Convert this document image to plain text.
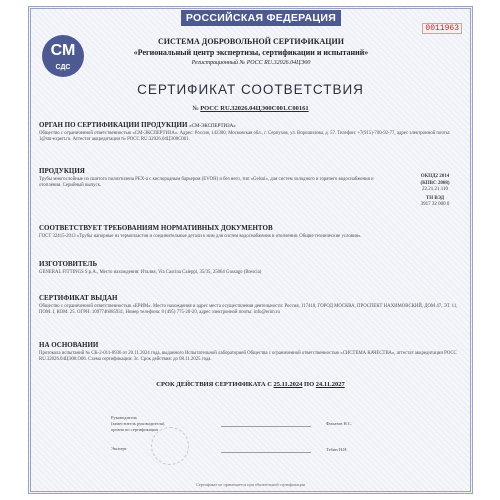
РОССИЙСКАЯ ФЕДЕРАЦИЯ
0011963
СМ
СДС
СИСТЕМА ДОБРОВОЛЬНОЙ СЕРТИФИКАЦИИ
«Региональный центр экспертизы, сертификации и испытаний»
Регистрационный № РОСС RU.32026.04ЦЭ00
СЕРТИФИКАТ СООТВЕТСТВИЯ
№ РОСС RU.32026.04ЦЭ00С001.C00161
ОРГАН ПО СЕРТИФИКАЦИИ ПРОДУКЦИИ «СМ-ЭКСПЕРТИЗА»
Общество с ограниченной ответственностью «СМ-ЭКСПЕРТИЗА». Адрес: Россия, 142300, Московская обл., г. Серпухов, ул. Ворошилова, д. 57. Телефон: +7(915)-700-92-77, адрес электронной почты: 1@sm-expert.ru. Аттестат аккредитации № РОСС RU.32026.04ЦЭ00С001.
ПРОДУКЦИЯ
Трубы многослойные из сшитого полиэтилена PEX-а с кислородным барьером (EVOH) и без него, тип «Gelsol», для систем холодного и горячего водоснабжения и отопления. Серийный выпуск.
ОКПД2 2014
(КПВС 2008)
22.21.21.110
ТН ВЭД
3917 32 000 0
СООТВЕТСТВУЕТ ТРЕБОВАНИЯМ НОРМАТИВНЫХ ДОКУМЕНТОВ
ГОСТ 32415-2013 «Трубы напорные из термопластов и соединительные детали к ним для систем водоснабжения и отопления. Общие технические условия».
ИЗГОТОВИТЕЛЬ
GENERAL FITTINGS S.p.A., Место нахождения: Италия, Via Cascina Caleppi, 35/35, 25064 Gussago (Brescia)
СЕРТИФИКАТ ВЫДАН
Общество с ограниченной ответственностью «ЕРИМ». Место нахождения и адрес места осуществления деятельности: Россия, 117418, ГОРОД МОСКВА, ПРОСПЕКТ НАХИМОВСКИЙ, ДОМ 47, ЭТ. 11, ПОМ. I, КОМ. 25. ОГРН: 1097746085931, Номер телефона: 8 (495) 775-20-20, адрес электронной почты: info@erim.ru
НА ОСНОВАНИИ
Протокола испытаний № СК-2-011-8936 от 20.11.2024 года, выданного Испытательной лабораторией Общества с ограниченной ответственностью «СИСТЕМА КАЧЕСТВА», аттестат аккредитации РОСС RU.32026.04ЦЭ00.О06. Схема сертификации: 3с. Срок действия: до 08.11.2025 года.
СРОК ДЕЙСТВИЯ СЕРТИФИКАТА С 25.11.2024 ПО 24.11.2027
Руководитель
(заместитель руководителя)
органа по сертификации
Филатов Н.С.
Эксперт	Тебин Н.Н.
Сертификат не применяется при обязательной сертификации
